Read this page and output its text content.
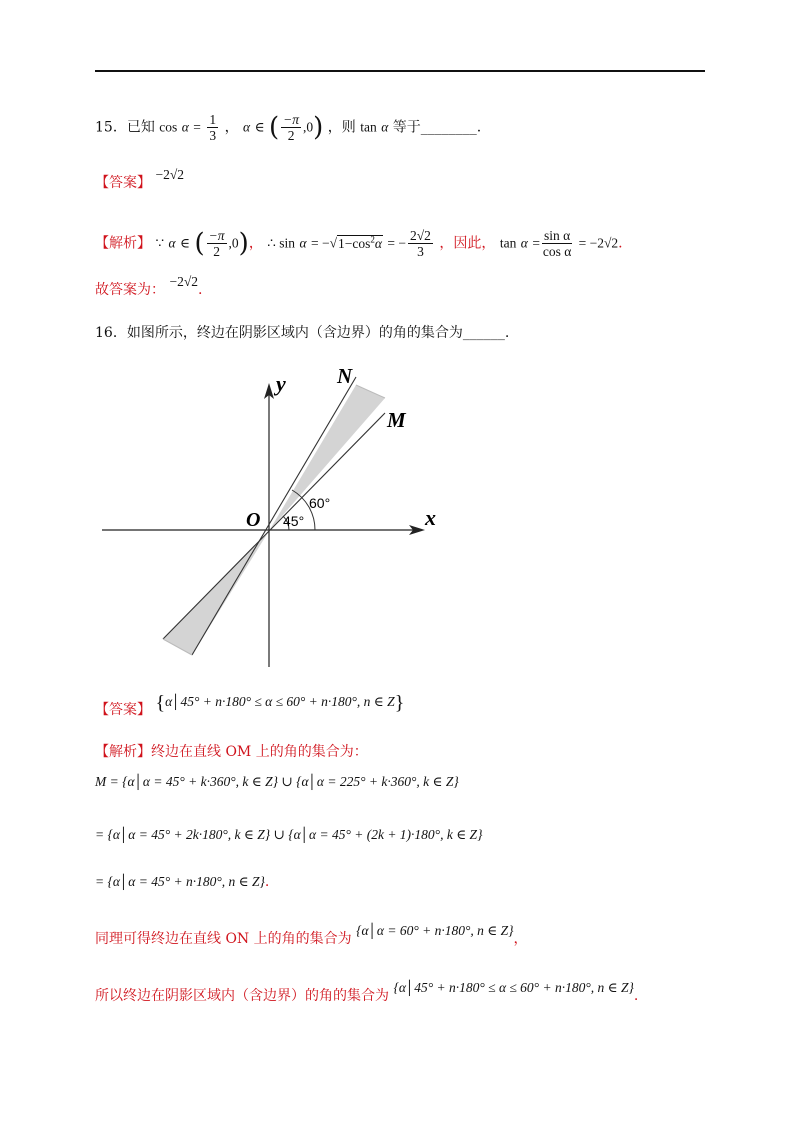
15．已知 $\cos \alpha = \frac{1}{3}$ ， α ∈ ( $\frac{-\pi}{2} ,0$) ，则 tan α 等于________.
【答案】 −2√2
【解析】 ∵ α ∈ ( $\frac{-\pi}{2} ,0$)， ∴ $\sin \alpha = -√1-\cos^2\alpha$ = − $\frac{2√2}{3}$ ，因此， $\tan \alpha = \frac{\text{sin α}}{\text{cos α}} = -2√2$.
故答案为： −2√2.
16．如图所示，终边在阴影区域内（含边界）的角的集合为______.
y
x
O
N
M
60°
45°
【答案】 {α│45° + n·180° ≤ α ≤ 60° + n·180°, n ∈ Z}
【解析】终边在直线 OM 上的角的集合为：
M = {α│α = 45° + k·360°, k ∈ Z} ∪ {α│α = 225° + k·360°, k ∈ Z}
= {α│α = 45° + 2k·180°, k ∈ Z} ∪ {α│α = 45° + (2k + 1)·180°, k ∈ Z}
= {α│α = 45° + n·180°, n ∈ Z}.
同理可得终边在直线 ON 上的角的集合为 {α│α = 60° + n·180°, n ∈ Z}，
所以终边在阴影区域内（含边界）的角的集合为 {α│45° + n·180° ≤ α ≤ 60° + n·180°, n ∈ Z}.
